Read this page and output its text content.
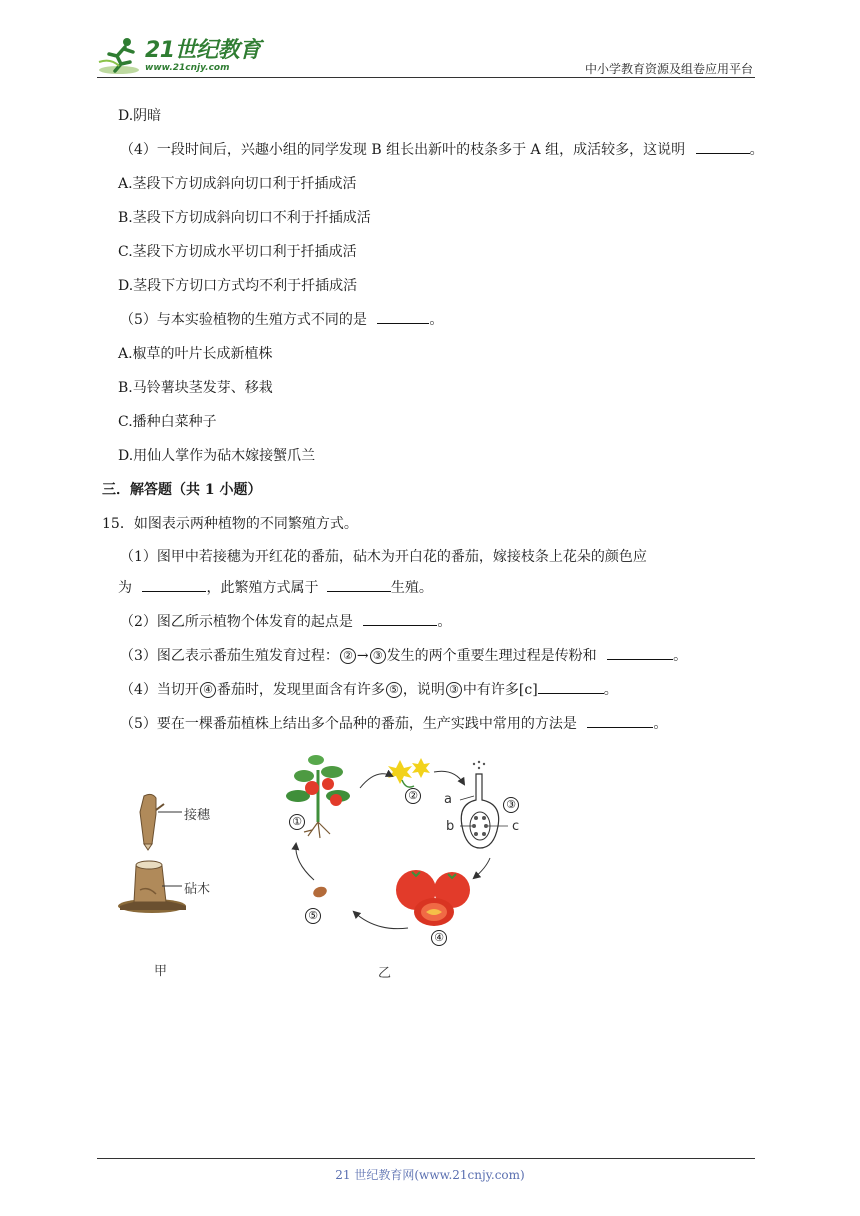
21世纪教育
www.21cnjy.com	中小学教育资源及组卷应用平台
D.阴暗
（4）一段时间后，兴趣小组的同学发现 B 组长出新叶的枝条多于 A 组，成活较多，这说明	。
A.茎段下方切成斜向切口利于扦插成活
B.茎段下方切成斜向切口不利于扦插成活
C.茎段下方切成水平切口利于扦插成活
D.茎段下方切口方式均不利于扦插成活
（5）与本实验植物的生殖方式不同的是	。
A.椒草的叶片长成新植株
B.马铃薯块茎发芽、移栽
C.播种白菜种子
D.用仙人掌作为砧木嫁接蟹爪兰
三．解答题（共 1 小题）
15．如图表示两种植物的不同繁殖方式。
（1）图甲中若接穗为开红花的番茄，砧木为开白花的番茄，嫁接枝条上花朵的颜色应
为	，此繁殖方式属于	生殖。
（2）图乙所示植物个体发育的起点是	。
（3）图乙表示番茄生殖发育过程： ② → ③ 发生的两个重要生理过程是传粉和	。
（4）当切开 ④ 番茄时，发现里面含有许多 ⑤ ，说明 ③ 中有许多[c]	。
（5）要在一棵番茄植株上结出多个品种的番茄，生产实践中常用的方法是	。
接穗
砧木
甲
①
②
③
④
⑤
a
b	c
乙
21 世纪教育网(www.21cnjy.com)
